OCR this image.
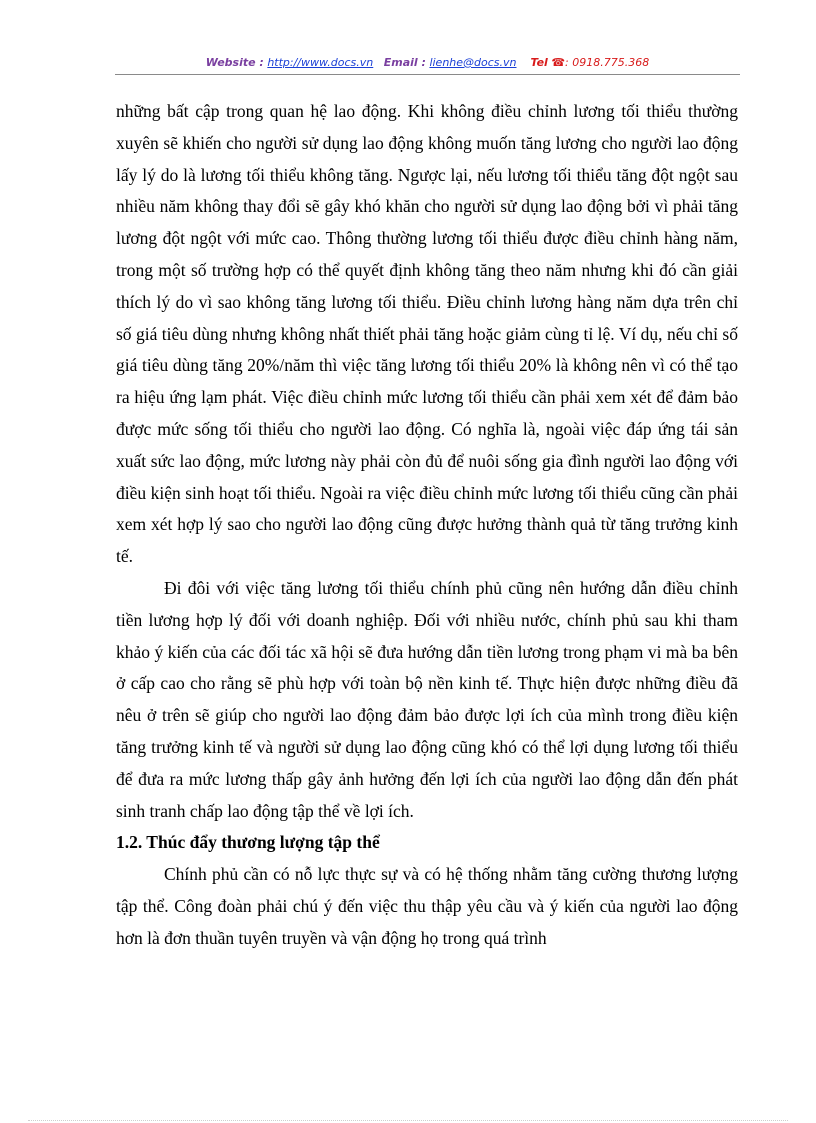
Website : http://www.docs.vn Email : lienhe@docs.vn Tel ☎: 0918.775.368

những bất cập trong quan hệ lao động. Khi không điều chỉnh lương tối thiểu thường xuyên sẽ khiến cho người sử dụng lao động không muốn tăng lương cho người lao động lấy lý do là lương tối thiểu không tăng. Ngược lại, nếu lương tối thiểu tăng đột ngột sau nhiều năm không thay đổi sẽ gây khó khăn cho người sử dụng lao động bởi vì phải tăng lương đột ngột với mức cao. Thông thường lương tối thiểu được điều chỉnh hàng năm, trong một số trường hợp có thể quyết định không tăng theo năm nhưng khi đó cần giải thích lý do vì sao không tăng lương tối thiểu. Điều chỉnh lương hàng năm dựa trên chỉ số giá tiêu dùng nhưng không nhất thiết phải tăng hoặc giảm cùng tỉ lệ. Ví dụ, nếu chỉ số giá tiêu dùng tăng 20%/năm thì việc tăng lương tối thiểu 20% là không nên vì có thể tạo ra hiệu ứng lạm phát. Việc điều chỉnh mức lương tối thiểu cần phải xem xét để đảm bảo được mức sống tối thiểu cho người lao động. Có nghĩa là, ngoài việc đáp ứng tái sản xuất sức lao động, mức lương này phải còn đủ để nuôi sống gia đình người lao động với điều kiện sinh hoạt tối thiểu. Ngoài ra việc điều chỉnh mức lương tối thiểu cũng cần phải xem xét hợp lý sao cho người lao động cũng được hưởng thành quả từ tăng trưởng kinh tế.

Đi đôi với việc tăng lương tối thiểu chính phủ cũng nên hướng dẫn điều chỉnh tiền lương hợp lý đối với doanh nghiệp. Đối với nhiều nước, chính phủ sau khi tham khảo ý kiến của các đối tác xã hội sẽ đưa hướng dẫn tiền lương trong phạm vi mà ba bên ở cấp cao cho rằng sẽ phù hợp với toàn bộ nền kinh tế. Thực hiện được những điều đã nêu ở trên sẽ giúp cho người lao động đảm bảo được lợi ích của mình trong điều kiện tăng trưởng kinh tế và người sử dụng lao động cũng khó có thể lợi dụng lương tối thiểu để đưa ra mức lương thấp gây ảnh hưởng đến lợi ích của người lao động dẫn đến phát sinh tranh chấp lao động tập thể về lợi ích.

1.2. Thúc đẩy thương lượng tập thể

Chính phủ cần có nỗ lực thực sự và có hệ thống nhằm tăng cường thương lượng tập thể. Công đoàn phải chú ý đến việc thu thập yêu cầu và ý kiến của người lao động hơn là đơn thuần tuyên truyền và vận động họ trong quá trình
